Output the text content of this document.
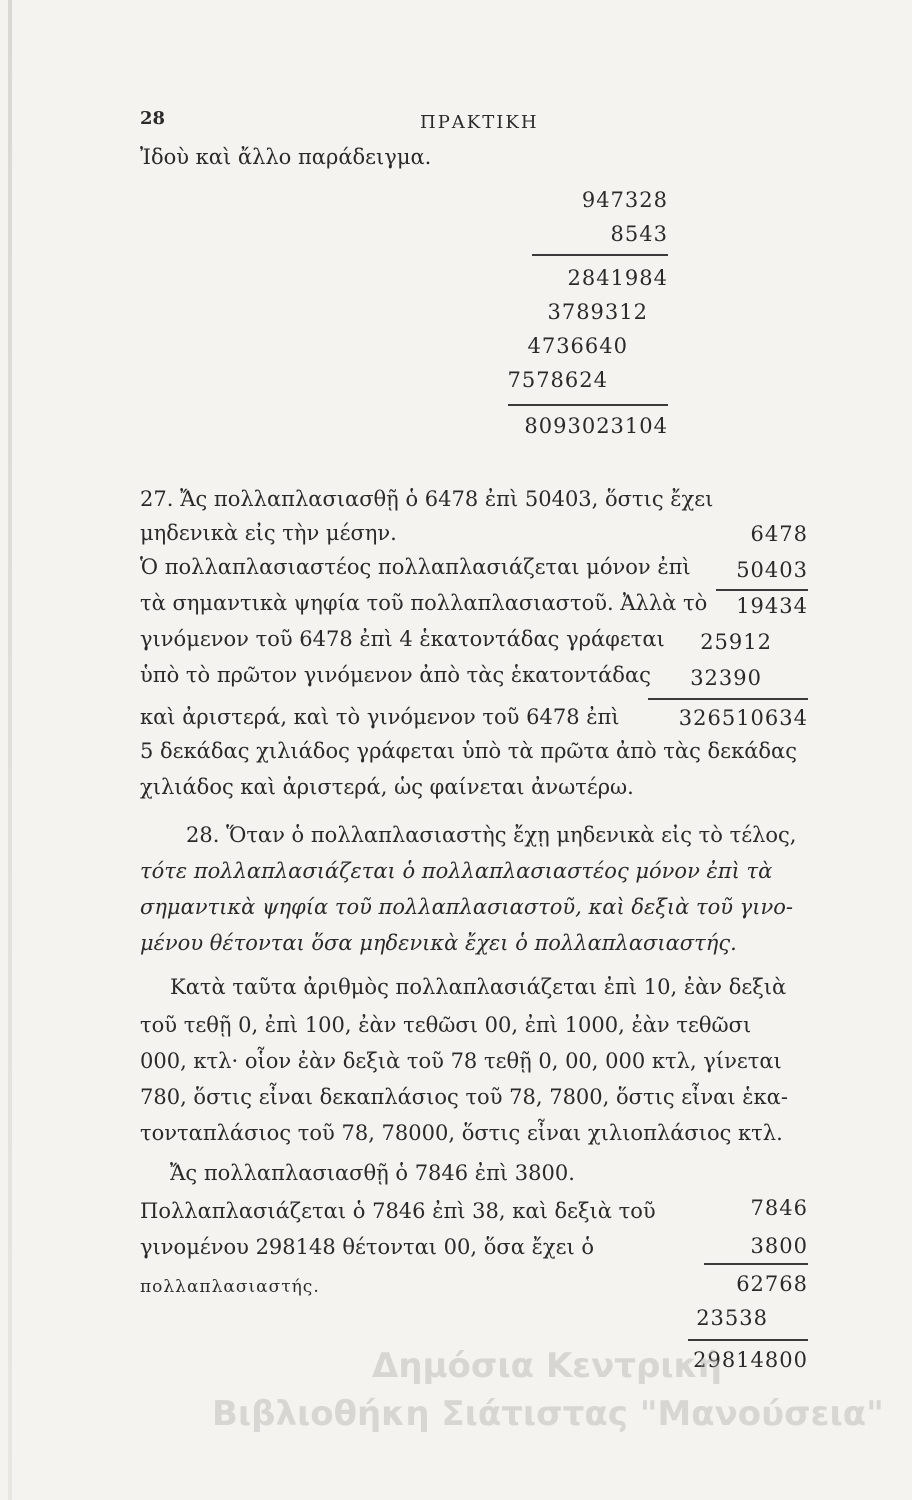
28	ΠΡΑΚΤΙΚΗ
Ἰδοὺ καὶ ἄλλο παράδειγμα.
947328
8543
2841984
3789312
4736640
7578624
8093023104
27. Ἄς πολλαπλασιασθῇ ὁ 6478 ἐπὶ 50403, ὅστις ἔχει
μηδενικὰ εἰς τὴν μέσην.
Ὁ πολλαπλασιαστέος πολλαπλασιάζεται μόνον ἐπὶ
τὰ σημαντικὰ ψηφία τοῦ πολλαπλασιαστοῦ. Ἀλλὰ τὸ
γινόμενον τοῦ 6478 ἐπὶ 4 ἑκατοντάδας γράφεται
ὑπὸ τὸ πρῶτον γινόμενον ἀπὸ τὰς ἑκατοντάδας
καὶ ἀριστερά, καὶ τὸ γινόμενον τοῦ 6478 ἐπὶ
5 δεκάδας χιλιάδος γράφεται ὑπὸ τὰ πρῶτα ἀπὸ τὰς δεκάδας
χιλιάδος καὶ ἀριστερά, ὡς φαίνεται ἀνωτέρω.
6478
50403
19434
25912
32390
326510634
28. Ὅταν ὁ πολλαπλασιαστὴς ἔχῃ μηδενικὰ εἰς τὸ τέλος,
τότε πολλαπλασιάζεται ὁ πολλαπλασιαστέος μόνον ἐπὶ τὰ
σημαντικὰ ψηφία τοῦ πολλαπλασιαστοῦ, καὶ δεξιὰ τοῦ γινο-
μένου θέτονται ὅσα μηδενικὰ ἔχει ὁ πολλαπλασιαστής.
Κατὰ ταῦτα ἀριθμὸς πολλαπλασιάζεται ἐπὶ 10, ἐὰν δεξιὰ
τοῦ τεθῇ 0, ἐπὶ 100, ἐὰν τεθῶσι 00, ἐπὶ 1000, ἐὰν τεθῶσι
000, κτλ· οἷον ἐὰν δεξιὰ τοῦ 78 τεθῇ 0, 00, 000 κτλ, γίνεται
780, ὅστις εἶναι δεκαπλάσιος τοῦ 78, 7800, ὅστις εἶναι ἑκα-
τονταπλάσιος τοῦ 78, 78000, ὅστις εἶναι χιλιοπλάσιος κτλ.
Ἄς πολλαπλασιασθῇ ὁ 7846 ἐπὶ 3800.
Πολλαπλασιάζεται ὁ 7846 ἐπὶ 38, καὶ δεξιὰ τοῦ
γινομένου 298148 θέτονται 00, ὅσα ἔχει ὁ
πολλαπλασιαστής.
7846
3800
62768
23538
29814800
Δημόσια Κεντρική
Βιβλιοθήκη Σιάτιστας "Μανούσεια"
